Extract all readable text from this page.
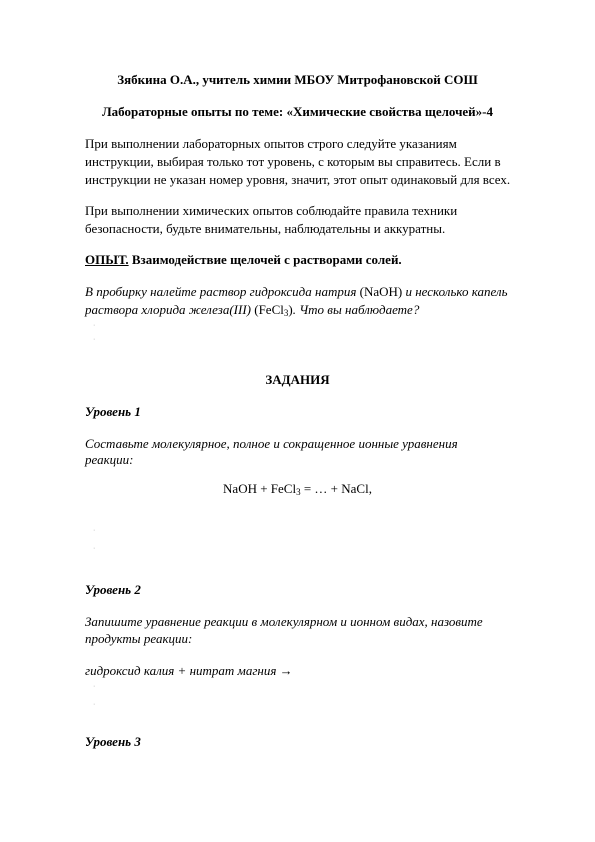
Зябкина О.А., учитель химии МБОУ Митрофановской СОШ
Лабораторные опыты по теме: «Химические свойства щелочей»-4
При выполнении лабораторных опытов строго следуйте указаниям
инструкции, выбирая только тот уровень, с которым вы справитесь. Если в
инструкции не указан номер уровня, значит, этот опыт одинаковый для всех.
При выполнении химических опытов соблюдайте правила техники
безопасности, будьте внимательны, наблюдательны и аккуратны.
ОПЫТ. Взаимодействие щелочей с растворами солей.
В пробирку налейте раствор гидроксида натрия (NaOH) и несколько капель
раствора хлорида железа(III) (FeCl$_3$). Что вы наблюдаете?
·
·
ЗАДАНИЯ
Уровень 1
Составьте молекулярное, полное и сокращенное ионные уравнения
реакции:
NaOH + FeCl$_3$ = … + NaCl,
·
·
Уровень 2
Запишите уравнение реакции в молекулярном и ионном видах, назовите
продукты реакции:
гидроксид калия + нитрат магния →
·
·
Уровень 3
